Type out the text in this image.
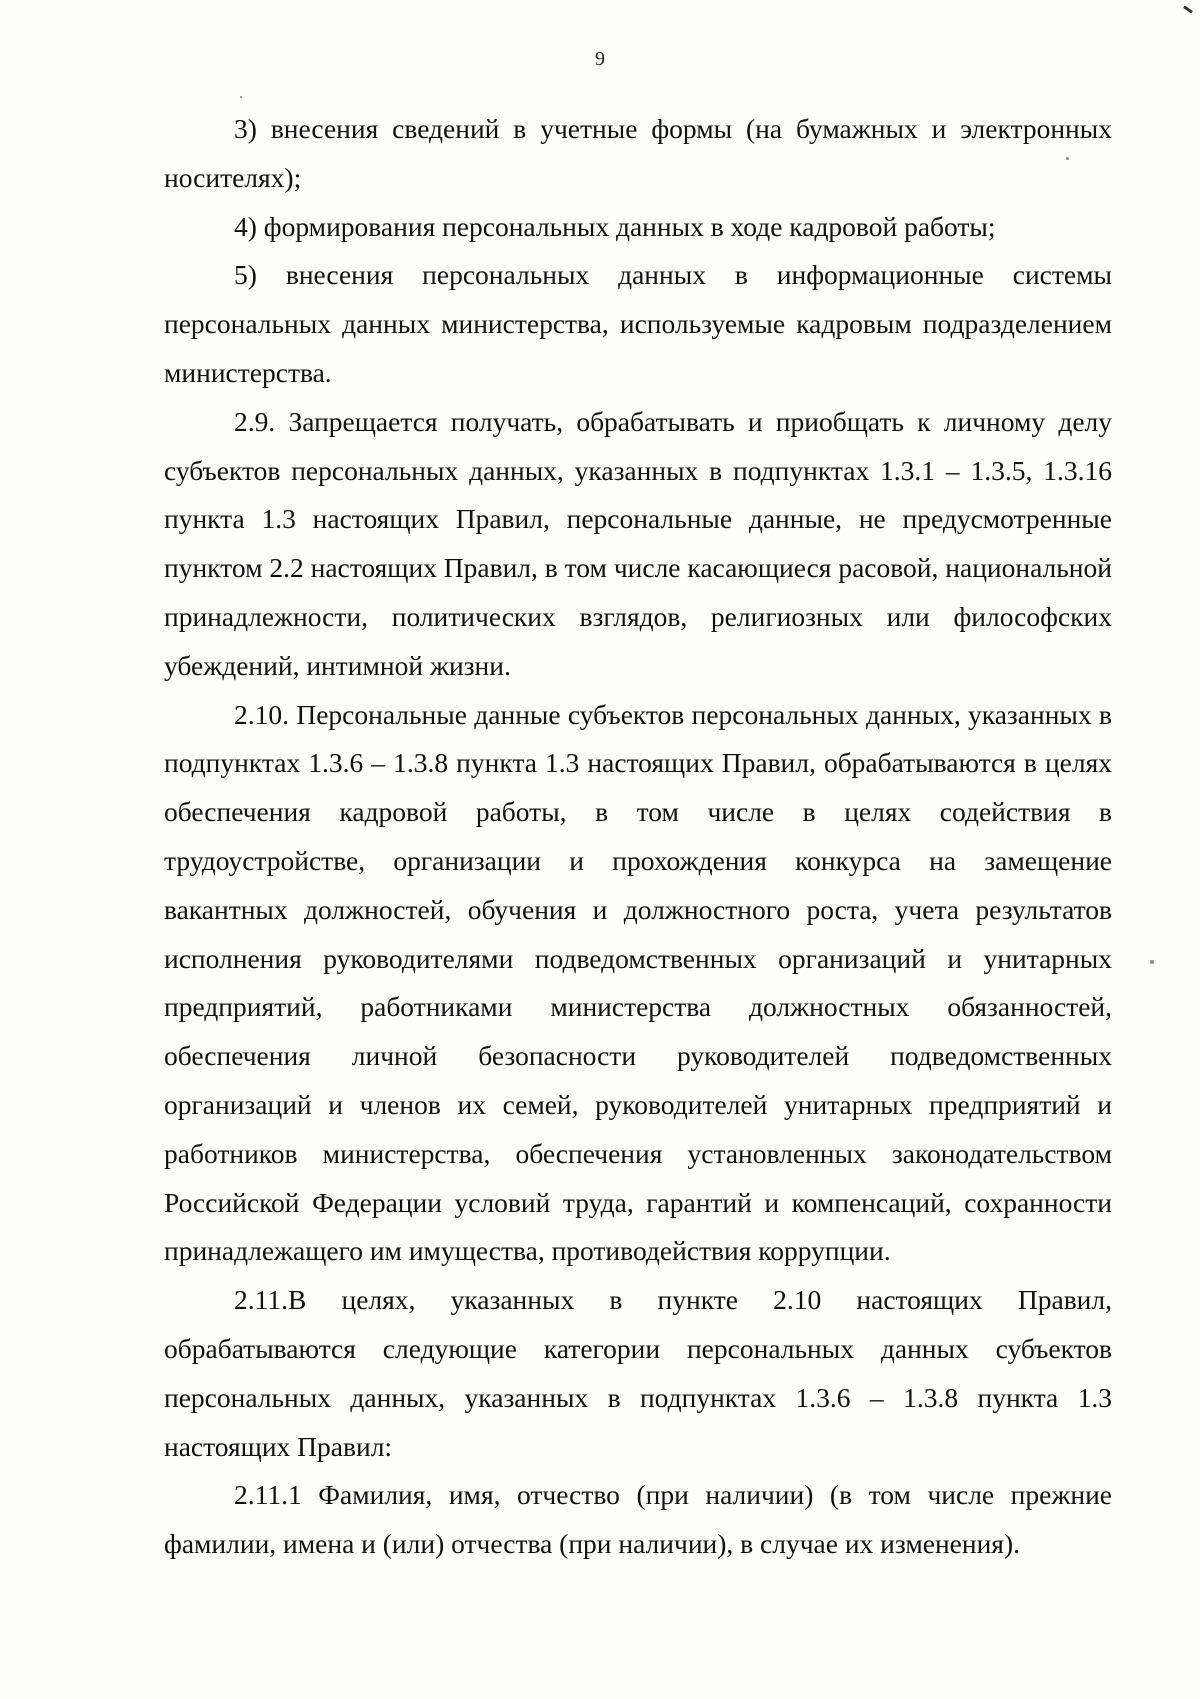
9

3) внесения сведений в учетные формы (на бумажных и электронных носителях);

4) формирования персональных данных в ходе кадровой работы;

5) внесения персональных данных в информационные системы персональных данных министерства, используемые кадровым подразделением министерства.

2.9. Запрещается получать, обрабатывать и приобщать к личному делу субъектов персональных данных, указанных в подпунктах 1.3.1 – 1.3.5, 1.3.16 пункта 1.3 настоящих Правил, персональные данные, не предусмотренные пунктом 2.2 настоящих Правил, в том числе касающиеся расовой, национальной принадлежности, политических взглядов, религиозных или философских убеждений, интимной жизни.

2.10. Персональные данные субъектов персональных данных, указанных в подпунктах 1.3.6 – 1.3.8 пункта 1.3 настоящих Правил, обрабатываются в целях обеспечения кадровой работы, в том числе в целях содействия в трудоустройстве, организации и прохождения конкурса на замещение вакантных должностей, обучения и должностного роста, учета результатов исполнения руководителями подведомственных организаций и унитарных предприятий, работниками министерства должностных обязанностей, обеспечения личной безопасности руководителей подведомственных организаций и членов их семей, руководителей унитарных предприятий и работников министерства, обеспечения установленных законодательством Российской Федерации условий труда, гарантий и компенсаций, сохранности принадлежащего им имущества, противодействия коррупции.

2.11.В целях, указанных в пункте 2.10 настоящих Правил, обрабатываются следующие категории персональных данных субъектов персональных данных, указанных в подпунктах 1.3.6 – 1.3.8 пункта 1.3 настоящих Правил:

2.11.1 Фамилия, имя, отчество (при наличии) (в том числе прежние фамилии, имена и (или) отчества (при наличии), в случае их изменения).
